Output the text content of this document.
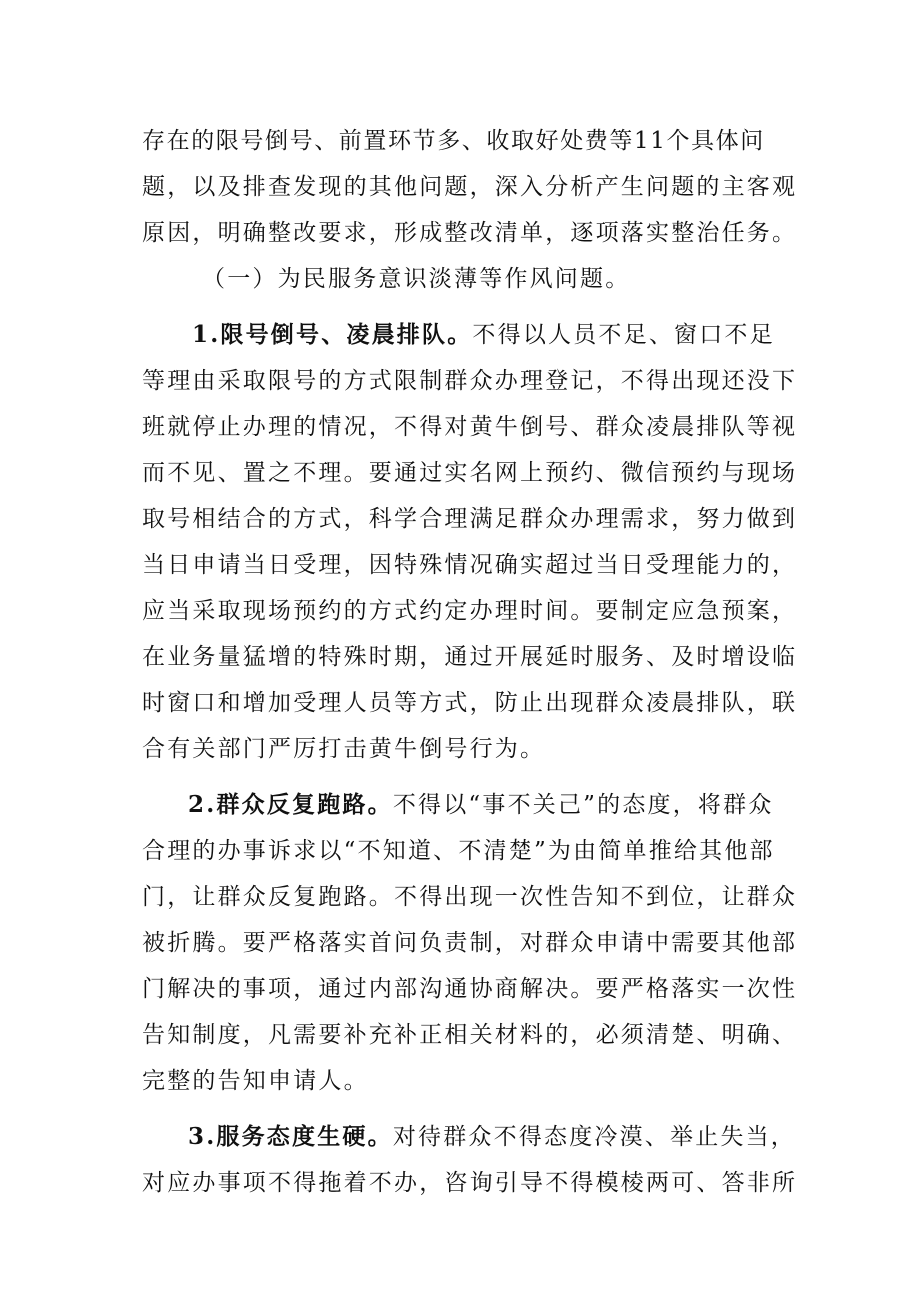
存在的限号倒号、前置环节多、收取好处费等11个具体问
题，以及排查发现的其他问题，深入分析产生问题的主客观
原因，明确整改要求，形成整改清单，逐项落实整治任务。
（一）为民服务意识淡薄等作风问题。
1.限号倒号、凌晨排队。不得以人员不足、窗口不足
等理由采取限号的方式限制群众办理登记，不得出现还没下
班就停止办理的情况，不得对黄牛倒号、群众凌晨排队等视
而不见、置之不理。要通过实名网上预约、微信预约与现场
取号相结合的方式，科学合理满足群众办理需求，努力做到
当日申请当日受理，因特殊情况确实超过当日受理能力的，
应当采取现场预约的方式约定办理时间。要制定应急预案，
在业务量猛增的特殊时期，通过开展延时服务、及时增设临
时窗口和增加受理人员等方式，防止出现群众凌晨排队，联
合有关部门严厉打击黄牛倒号行为。
2.群众反复跑路。不得以“事不关己”的态度，将群众
合理的办事诉求以“不知道、不清楚”为由简单推给其他部
门，让群众反复跑路。不得出现一次性告知不到位，让群众
被折腾。要严格落实首问负责制，对群众申请中需要其他部
门解决的事项，通过内部沟通协商解决。要严格落实一次性
告知制度，凡需要补充补正相关材料的，必须清楚、明确、
完整的告知申请人。
3.服务态度生硬。对待群众不得态度冷漠、举止失当，
对应办事项不得拖着不办，咨询引导不得模棱两可、答非所
